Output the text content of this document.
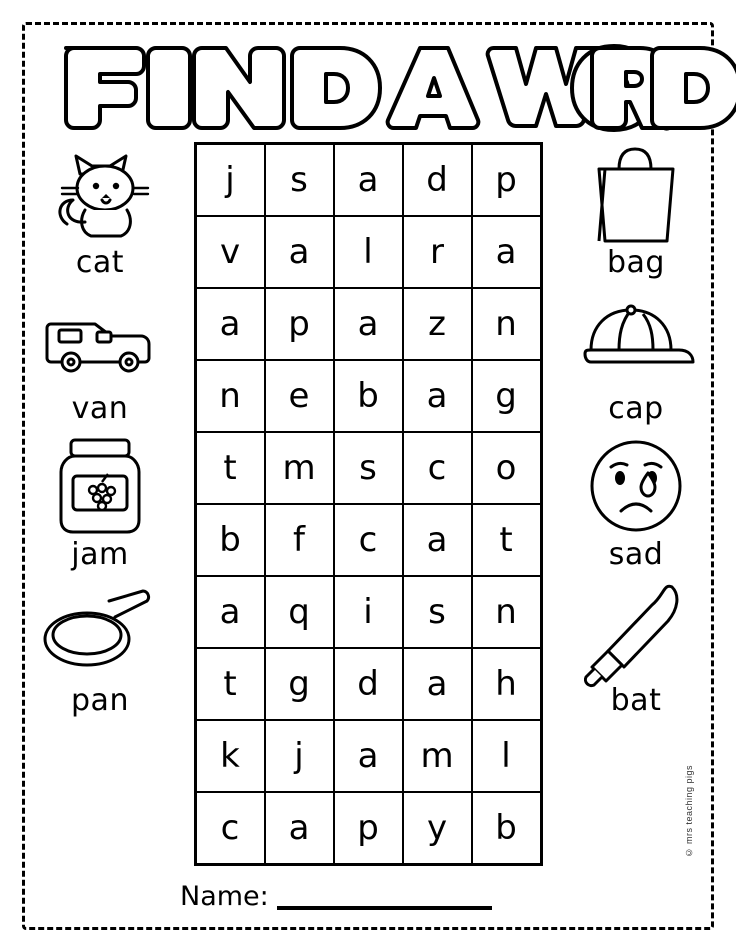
cat
van
jam
pan
j	s	a	d	p
v	a	l	r	a
a	p	a	z	n
n	e	b	a	g
t	m	s	c	o
b	f	c	a	t
a	q	i	s	n
t	g	d	a	h
k	j	a	m	l
c	a	p	y	b
bag
cap
sad
bat
Name:
© mrs teaching pigs
